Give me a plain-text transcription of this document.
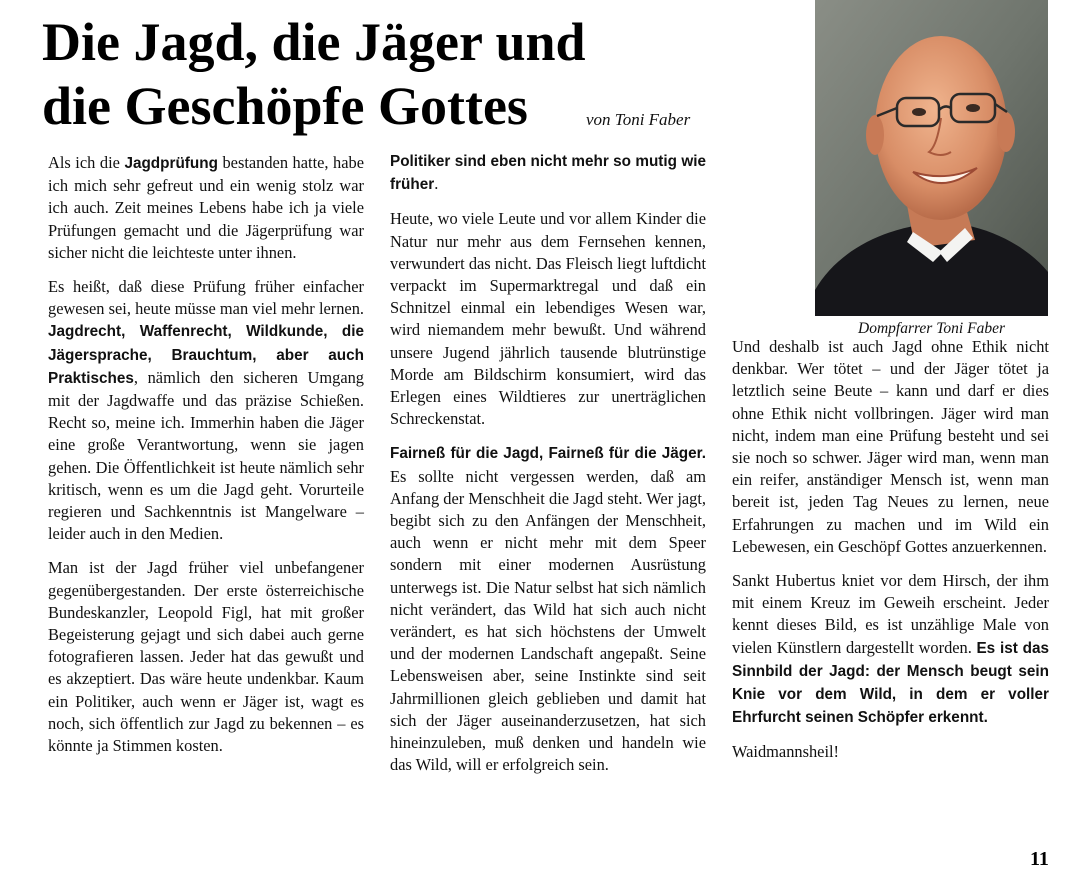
Die Jagd, die Jäger und
die Geschöpfe Gottes	von Toni Faber
Dompfarrer Toni Faber

Als ich die Jagdprüfung bestanden hatte, habe ich mich sehr gefreut und ein wenig stolz war ich auch. Zeit meines Lebens habe ich ja viele Prüfungen gemacht und die Jägerprüfung war sicher nicht die leichteste unter ihnen.

Es heißt, daß diese Prüfung früher einfacher gewesen sei, heute müsse man viel mehr lernen. Jagdrecht, Waffenrecht, Wildkunde, die Jägersprache, Brauchtum, aber auch Praktisches, nämlich den sicheren Umgang mit der Jagdwaffe und das präzise Schießen. Recht so, meine ich. Immerhin haben die Jäger eine große Verantwortung, wenn sie jagen gehen. Die Öffentlichkeit ist heute nämlich sehr kritisch, wenn es um die Jagd geht. Vorurteile regieren und Sachkenntnis ist Mangelware – leider auch in den Medien.

Man ist der Jagd früher viel unbefangener gegenübergestanden. Der erste österreichische Bundeskanzler, Leopold Figl, hat mit großer Begeisterung gejagt und sich dabei auch gerne fotografieren lassen. Jeder hat das gewußt und es akzeptiert. Das wäre heute undenkbar. Kaum ein Politiker, auch wenn er Jäger ist, wagt es noch, sich öffentlich zur Jagd zu bekennen – es könnte ja Stimmen kosten.

Politiker sind eben nicht mehr so mutig wie früher.

Heute, wo viele Leute und vor allem Kinder die Natur nur mehr aus dem Fernsehen kennen, verwundert das nicht. Das Fleisch liegt luftdicht verpackt im Supermarktregal und daß ein Schnitzel einmal ein lebendiges Wesen war, wird niemandem mehr bewußt. Und während unsere Jugend jährlich tausende blutrünstige Morde am Bildschirm konsumiert, wird das Erlegen eines Wildtieres zur unerträglichen Schreckenstat.

Fairneß für die Jagd, Fairneß für die Jäger. Es sollte nicht vergessen werden, daß am Anfang der Menschheit die Jagd steht. Wer jagt, begibt sich zu den Anfängen der Menschheit, auch wenn er nicht mehr mit dem Speer sondern mit einer modernen Ausrüstung unterwegs ist. Die Natur selbst hat sich nämlich nicht verändert, das Wild hat sich auch nicht verändert, es hat sich höchstens der Umwelt und der modernen Landschaft angepaßt. Seine Lebensweisen aber, seine Instinkte sind seit Jahrmillionen gleich geblieben und damit hat sich der Jäger auseinanderzusetzen, hat sich hineinzuleben, muß denken und handeln wie das Wild, will er erfolgreich sein.

Und deshalb ist auch Jagd ohne Ethik nicht denkbar. Wer tötet – und der Jäger tötet ja letztlich seine Beute – kann und darf er dies ohne Ethik nicht vollbringen. Jäger wird man nicht, indem man eine Prüfung besteht und sei sie noch so schwer. Jäger wird man, wenn man ein reifer, anständiger Mensch ist, wenn man bereit ist, jeden Tag Neues zu lernen, neue Erfahrungen zu machen und im Wild ein Lebewesen, ein Geschöpf Gottes anzuerkennen.

Sankt Hubertus kniet vor dem Hirsch, der ihm mit einem Kreuz im Geweih erscheint. Jeder kennt dieses Bild, es ist unzählige Male von vielen Künstlern dargestellt worden. Es ist das Sinnbild der Jagd: der Mensch beugt sein Knie vor dem Wild, in dem er voller Ehrfurcht seinen Schöpfer erkennt.

Waidmannsheil!

11
